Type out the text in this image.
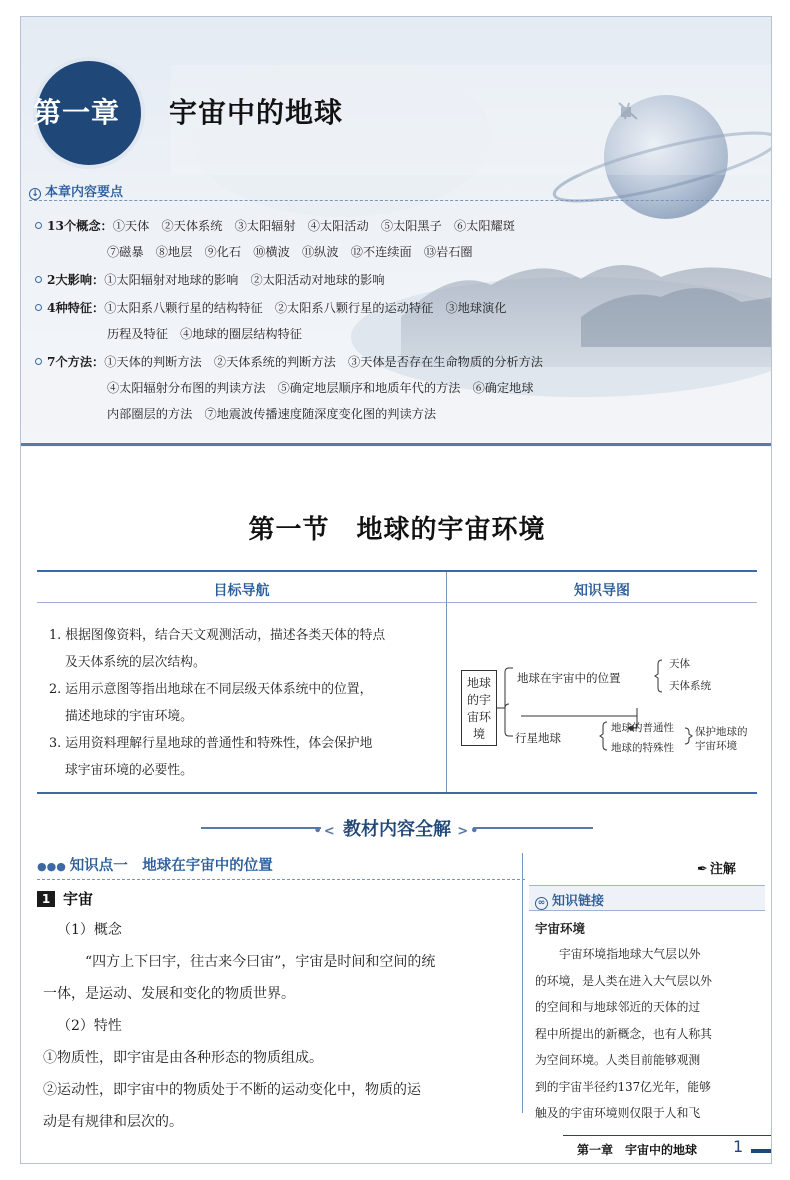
第一章 宇宙中的地球
↓ 本章内容要点
13个概念：①天体　②天体系统　③太阳辐射　④太阳活动　⑤太阳黑子　⑥太阳耀斑
⑦磁暴　⑧地层　⑨化石　⑩横波　⑪纵波　⑫不连续面　⑬岩石圈
2大影响：①太阳辐射对地球的影响　②太阳活动对地球的影响
4种特征：①太阳系八颗行星的结构特征　②太阳系八颗行星的运动特征　③地球演化
历程及特征　④地球的圈层结构特征
7个方法：①天体的判断方法　②天体系统的判断方法　③天体是否存在生命物质的分析方法
④太阳辐射分布图的判读方法　⑤确定地层顺序和地质年代的方法　⑥确定地球
内部圈层的方法　⑦地震波传播速度随深度变化图的判读方法
第一节　地球的宇宙环境
目标导航	知识导图
1. 根据图像资料，结合天文观测活动，描述各类天体的特点
及天体系统的层次结构。
2. 运用示意图等指出地球在不同层级天体系统中的位置，
描述地球的宇宙环境。
3. 运用资料理解行星地球的普通性和特殊性，体会保护地
球宇宙环境的必要性。
地球
的宇
宙环
境
地球在宇宙中的位置
天体
天体系统
行星地球
地球的普通性
地球的特殊性
保护地球的
宇宙环境
•< 教材内容全解 >•
●●● 知识点一　地球在宇宙中的位置
1 宇宙

（1）概念

“四方上下曰宇，往古来今曰宙”，宇宙是时间和空间的统

一体，是运动、发展和变化的物质世界。

（2）特性

①物质性，即宇宙是由各种形态的物质组成。

②运动性，即宇宙中的物质处于不断的运动变化中，物质的运

动是有规律和层次的。

✒ 注解
∞ 知识链接
宇宙环境

宇宙环境指地球大气层以外

的环境，是人类在进入大气层以外

的空间和与地球邻近的天体的过

程中所提出的新概念，也有人称其

为空间环境。人类目前能够观测

到的宇宙半径约137亿光年，能够

触及的宇宙环境则仅限于人和飞

第一章　宇宙中的地球 1
